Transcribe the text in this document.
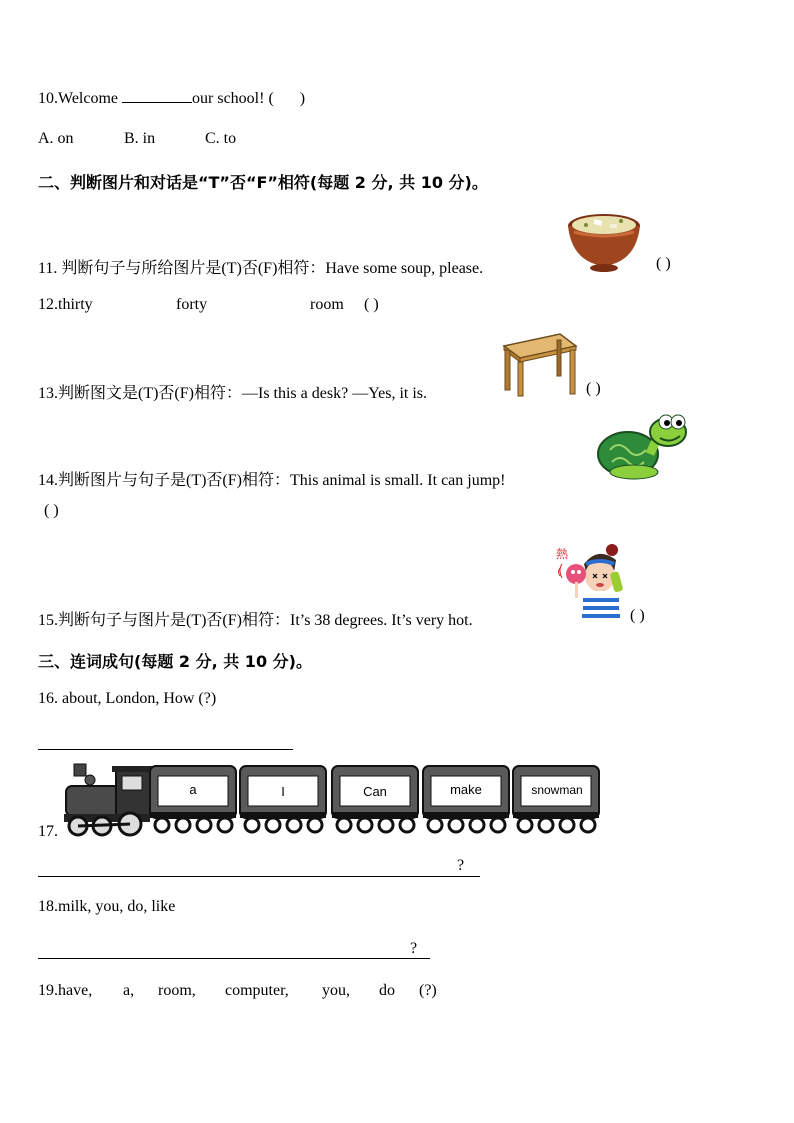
10.Welcome	our school! ( )
A. on	B. in	C. to
二、判断图片和对话是“T”否“F”相符(每题 2 分, 共 10 分)。
11. 判断句子与所给图片是(T)否(F)相符：Have some soup, please.	( )
12.thirty	forty	room ( )
13.判断图文是(T)否(F)相符：—Is this a desk? —Yes, it is.	( )
14.判断图片与句子是(T)否(F)相符：This animal is small. It can jump!
( )
熱
15.判断句子与图片是(T)否(F)相符：It’s 38 degrees. It’s very hot.	( )
三、连词成句(每题 2 分, 共 10 分)。
16. about, London, How (?)
a	I	Can	make	snowman
17.
?
18.milk, you, do, like
?
19.have, a, room, computer, you, do (?)
